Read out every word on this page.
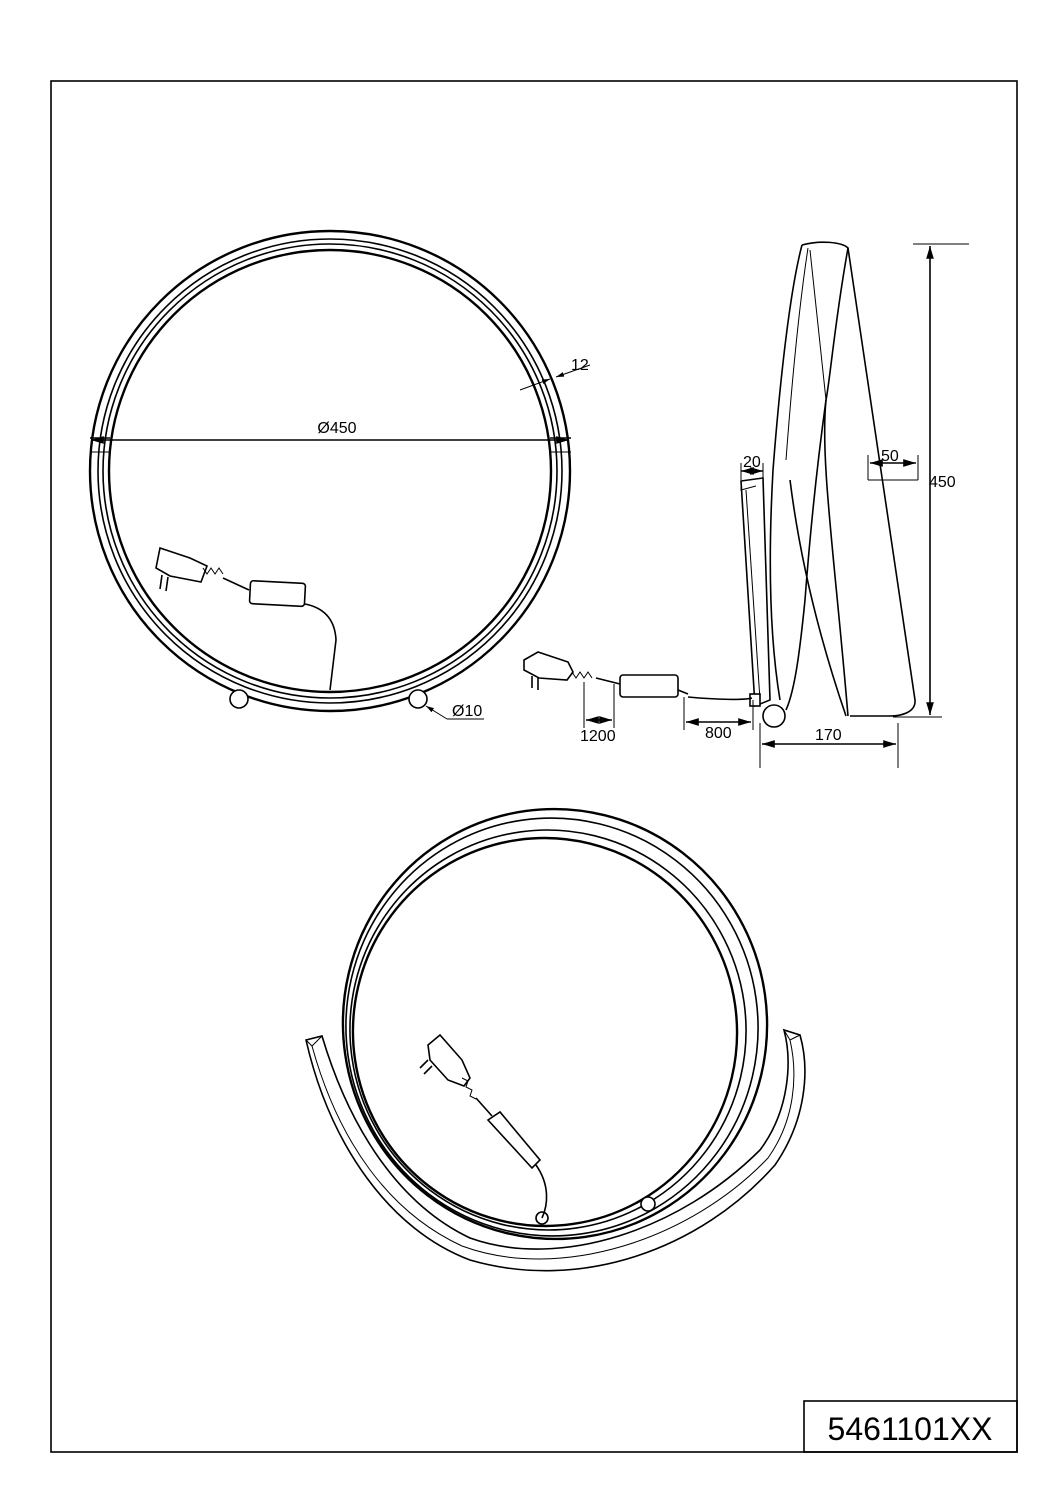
Ø450
12
Ø10
450
50
20
170
1200	800
5461101XX
